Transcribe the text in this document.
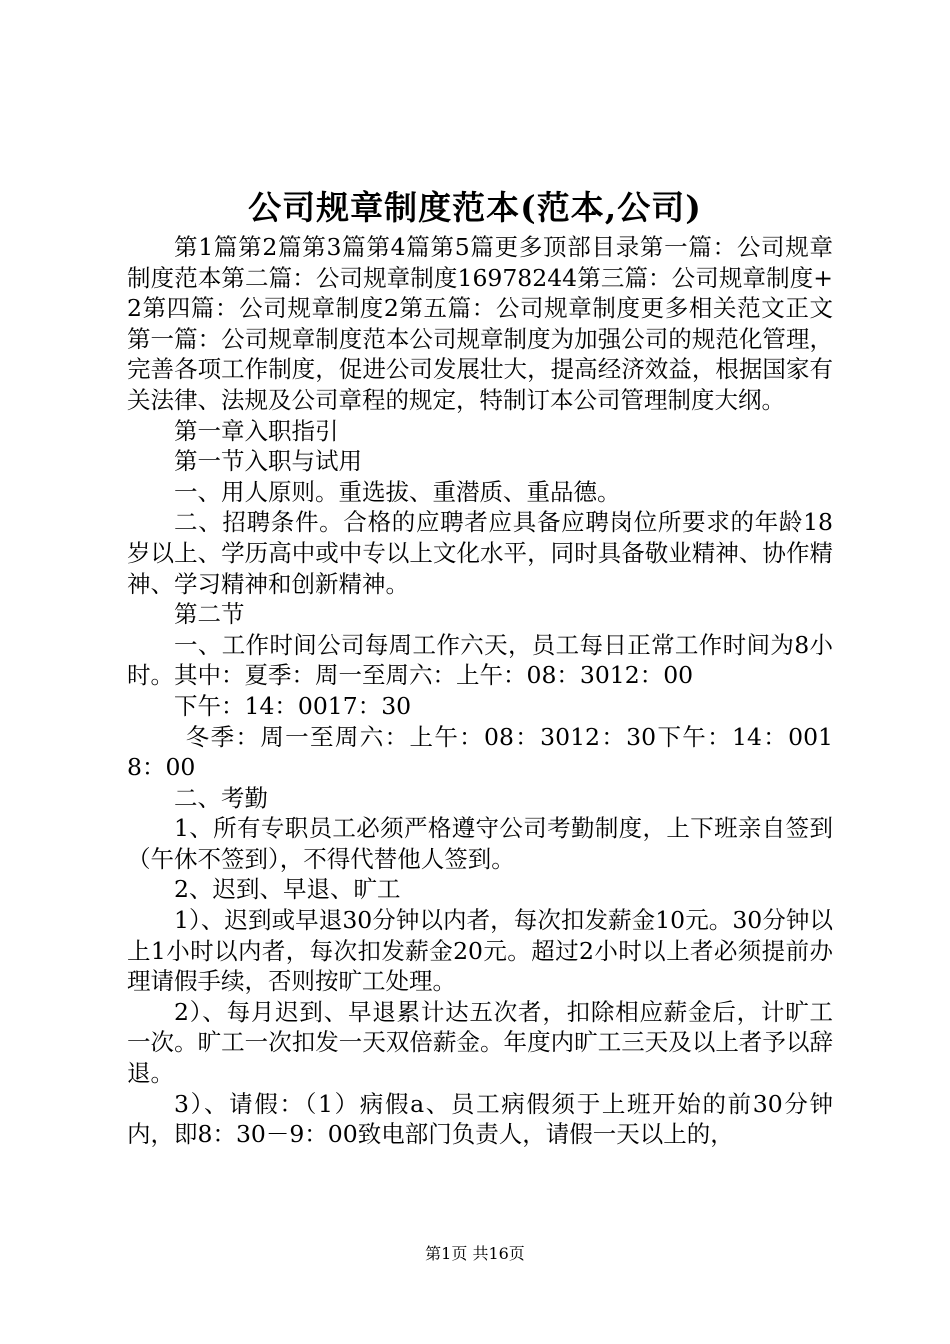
公司规章制度范本(范本,公司)

第1篇第2篇第3篇第4篇第5篇更多顶部目录第一篇：公司规章制度范本第二篇：公司规章制度16978244第三篇：公司规章制度+2第四篇：公司规章制度2第五篇：公司规章制度更多相关范文正文第一篇：公司规章制度范本公司规章制度为加强公司的规范化管理，完善各项工作制度，促进公司发展壮大，提高经济效益，根据国家有关法律、法规及公司章程的规定，特制订本公司管理制度大纲。

第一章入职指引

第一节入职与试用

一、用人原则。重选拔、重潜质、重品德。

二、招聘条件。合格的应聘者应具备应聘岗位所要求的年龄18岁以上、学历高中或中专以上文化水平，同时具备敬业精神、协作精神、学习精神和创新精神。

第二节

一、工作时间公司每周工作六天，员工每日正常工作时间为8小时。其中：夏季：周一至周六：上午：08：3012：00

下午：14：0017：30

冬季：周一至周六：上午：08：3012：30下午：14：0018：00

二、考勤

1、所有专职员工必须严格遵守公司考勤制度，上下班亲自签到（午休不签到），不得代替他人签到。

2、迟到、早退、旷工

1）、迟到或早退30分钟以内者，每次扣发薪金10元。30分钟以上1小时以内者，每次扣发薪金20元。超过2小时以上者必须提前办理请假手续，否则按旷工处理。

2）、每月迟到、早退累计达五次者，扣除相应薪金后，计旷工一次。旷工一次扣发一天双倍薪金。年度内旷工三天及以上者予以辞退。

3）、请假：（1）病假a、员工病假须于上班开始的前30分钟内，即8：30－9：00致电部门负责人，请假一天以上的，

第1页 共16页
